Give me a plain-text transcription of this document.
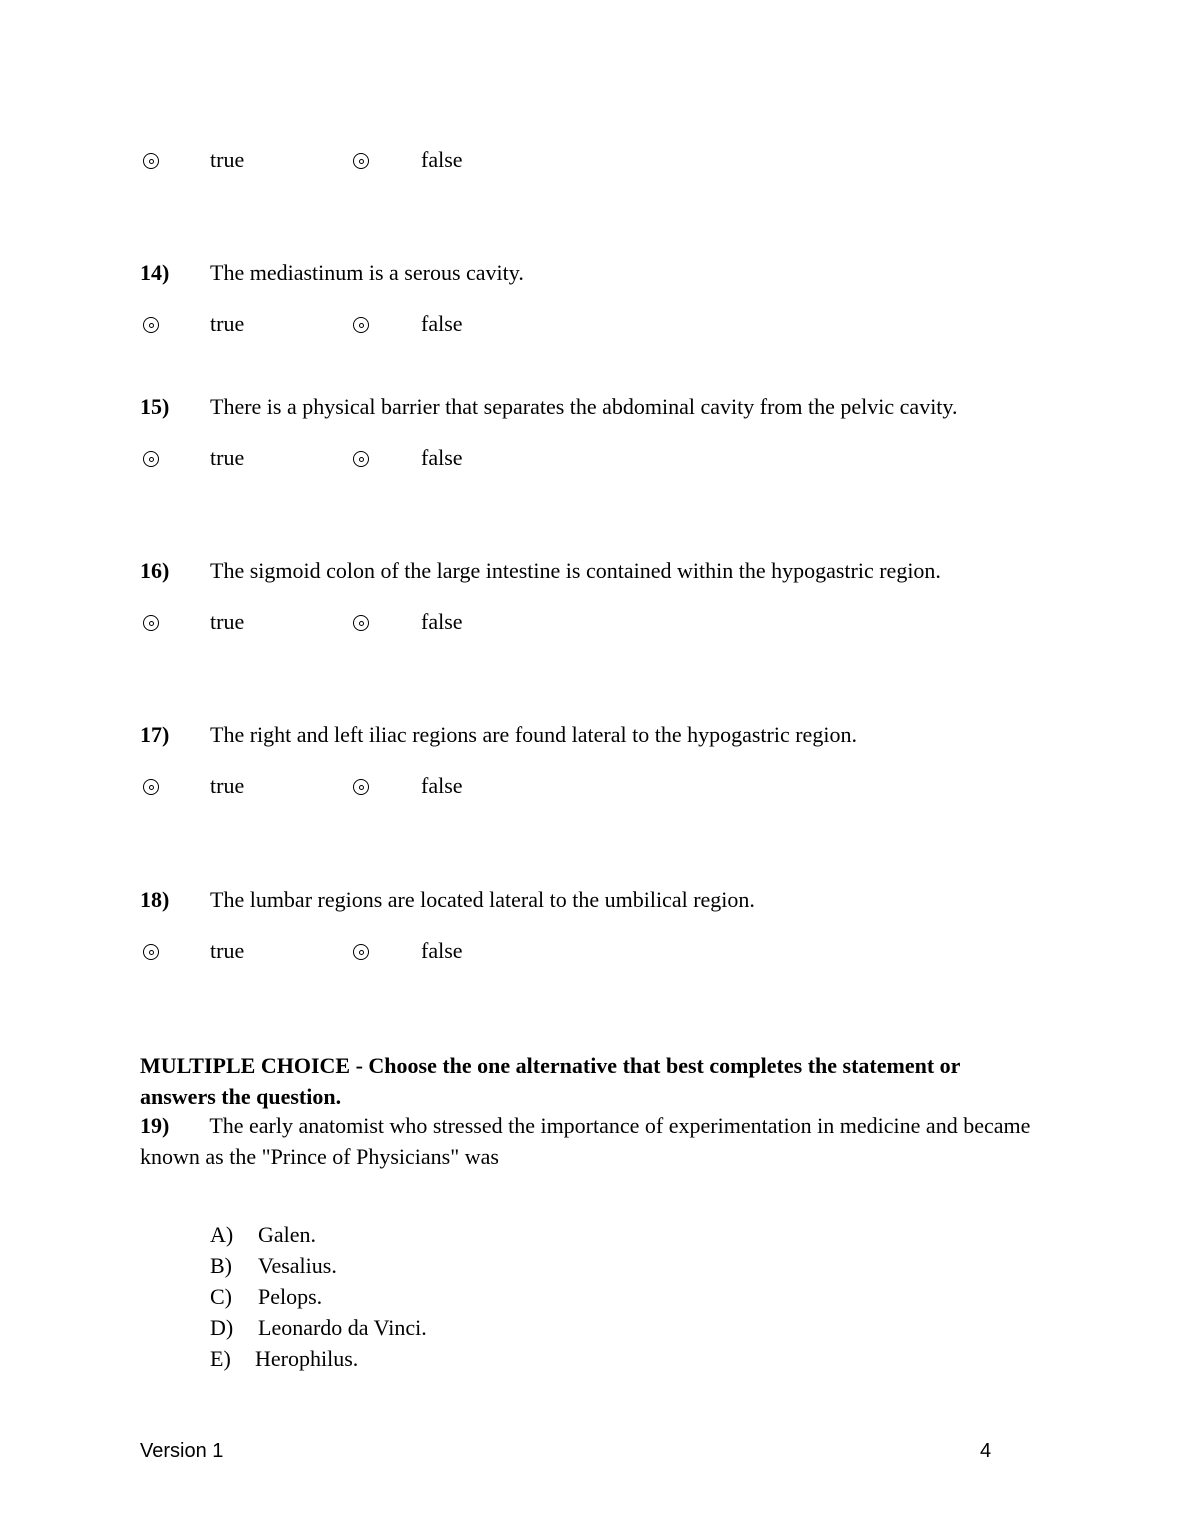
true	false
14) The mediastinum is a serous cavity.
true	false
15) There is a physical barrier that separates the abdominal cavity from the pelvic cavity.
true	false
16) The sigmoid colon of the large intestine is contained within the hypogastric region.
true	false
17) The right and left iliac regions are found lateral to the hypogastric region.
true	false
18) The lumbar regions are located lateral to the umbilical region.
true	false
MULTIPLE CHOICE - Choose the one alternative that best completes the statement or answers the question.
19) The early anatomist who stressed the importance of experimentation in medicine and became known as the "Prince of Physicians" was
A) Galen.
B) Vesalius.
C) Pelops.
D) Leonardo da Vinci.
E) Herophilus.
Version 1	4
